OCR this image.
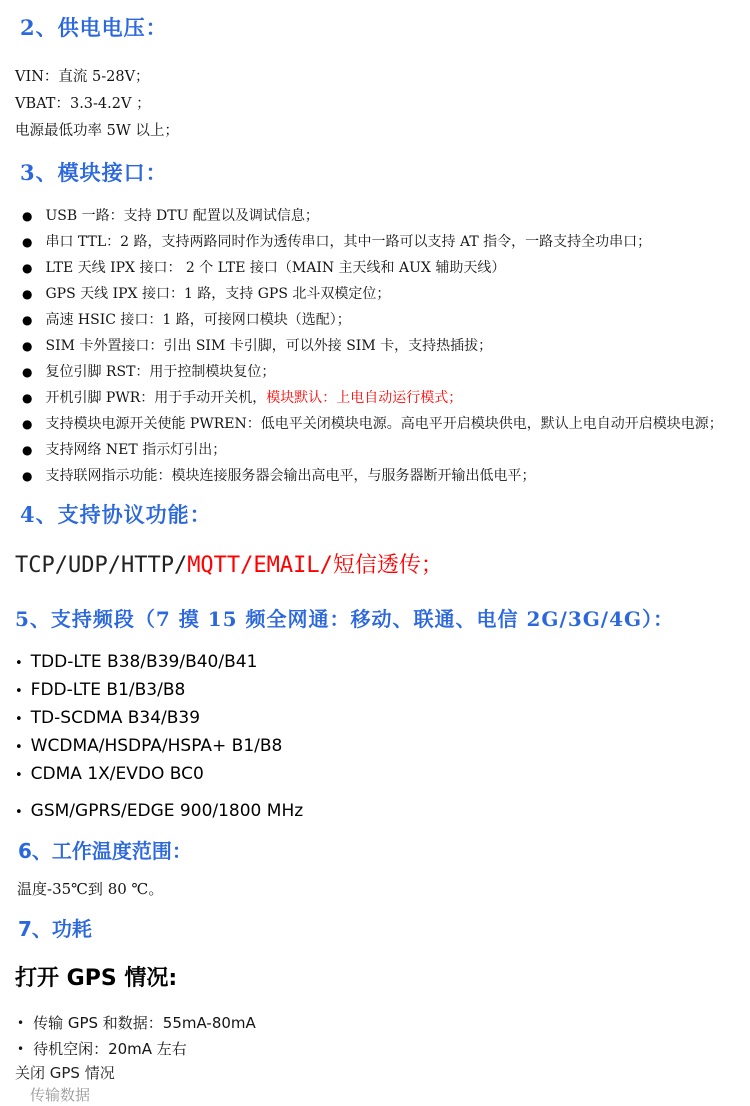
2、供电电压：
VIN：直流 5-28V；
VBAT：3.3-4.2V ；
电源最低功率 5W 以上；
3、模块接口：
● USB 一路：支持 DTU 配置以及调试信息；
● 串口 TTL：2 路，支持两路同时作为透传串口，其中一路可以支持 AT 指令，一路支持全功串口；
● LTE 天线 IPX 接口： 2 个 LTE 接口（MAIN 主天线和 AUX 辅助天线）
● GPS 天线 IPX 接口：1 路，支持 GPS 北斗双模定位；
● 高速 HSIC 接口：1 路，可接网口模块（选配）；
● SIM 卡外置接口：引出 SIM 卡引脚，可以外接 SIM 卡，支持热插拔；
● 复位引脚 RST：用于控制模块复位；
● 开机引脚 PWR：用于手动开关机， 模块默认：上电自动运行模式；
● 支持模块电源开关使能 PWREN：低电平关闭模块电源。高电平开启模块供电，默认上电自动开启模块电源；
● 支持网络 NET 指示灯引出；
● 支持联网指示功能：模块连接服务器会输出高电平，与服务器断开输出低电平；
4、支持协议功能：
TCP/UDP/HTTP/MQTT/EMAIL/短信透传；
5、支持频段（7 摸 15 频全网通：移动、联通、电信 2G/3G/4G）：
• TDD-LTE B38/B39/B40/B41
• FDD-LTE B1/B3/B8
• TD-SCDMA B34/B39
• WCDMA/HSDPA/HSPA+ B1/B8
• CDMA 1X/EVDO BC0
• GSM/GPRS/EDGE 900/1800 MHz
6、工作温度范围：
温度-35℃到 80 ℃。
7、功耗
打开 GPS 情况:
• 传输 GPS 和数据：55mA-80mA
• 待机空闲：20mA 左右
关闭 GPS 情况
传输数据
